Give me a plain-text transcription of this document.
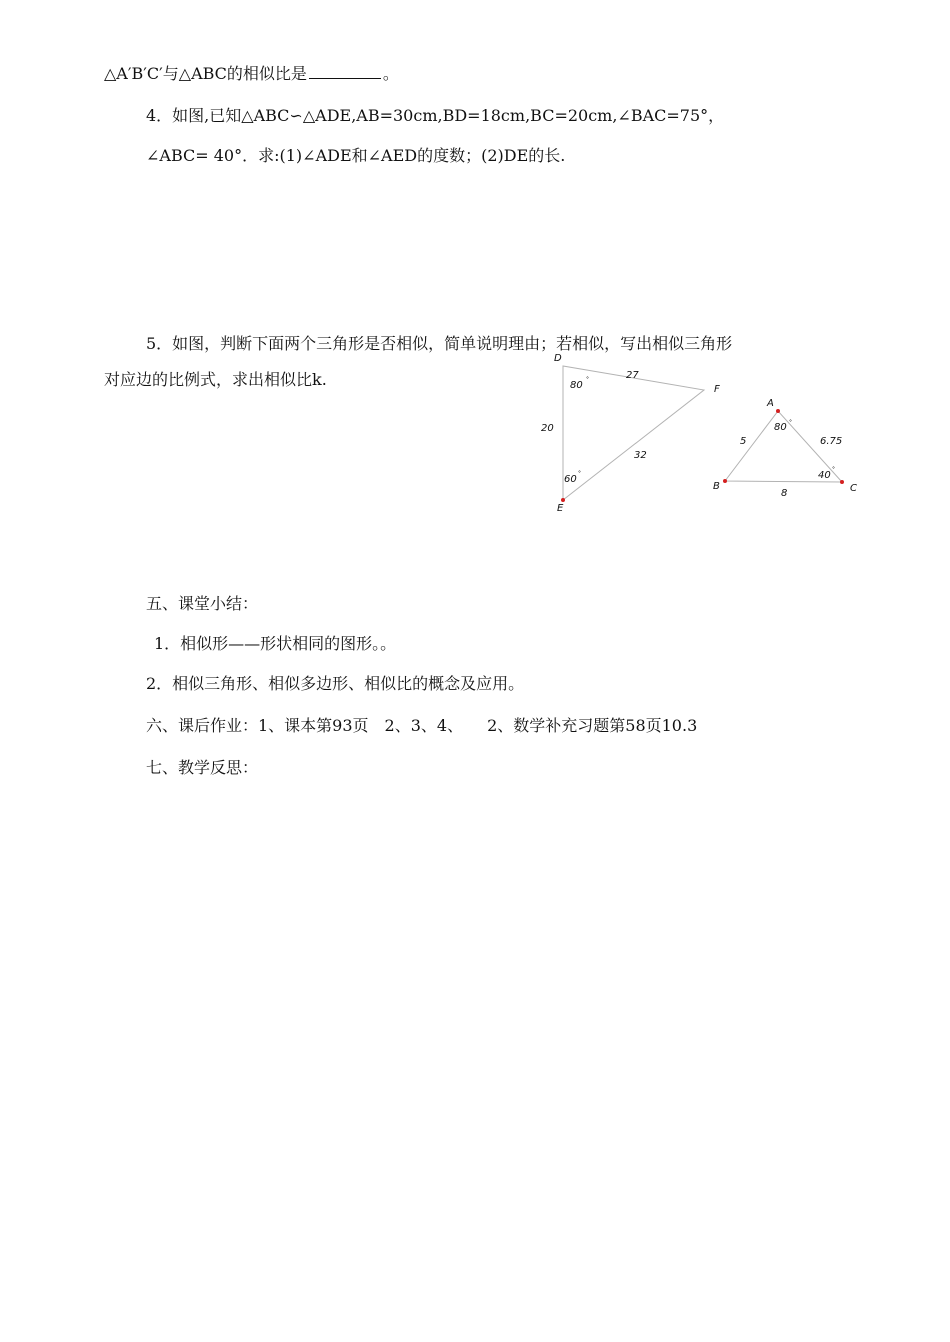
△A′B′C′与△ABC的相似比是	。
4．如图,已知△ABC∽△ADE,AB=30cm,BD=18cm,BC=20cm,∠BAC=75°，
∠ABC= 40°．求:(1)∠ADE和∠AED的度数；(2)DE的长.
5．如图，判断下面两个三角形是否相似，简单说明理由；若相似，写出相似三角形
对应边的比例式，求出相似比k.
D
E
F
27
20
32
80
°
60
°
A
B	C
5	6.75
8
80 °
40
°
五、课堂小结：
1．相似形——形状相同的图形。。
2．相似三角形、相似多边形、相似比的概念及应用。
六、课后作业：1、课本第93页　2、3、4、　　2、数学补充习题第58页10.3
七、教学反思：
